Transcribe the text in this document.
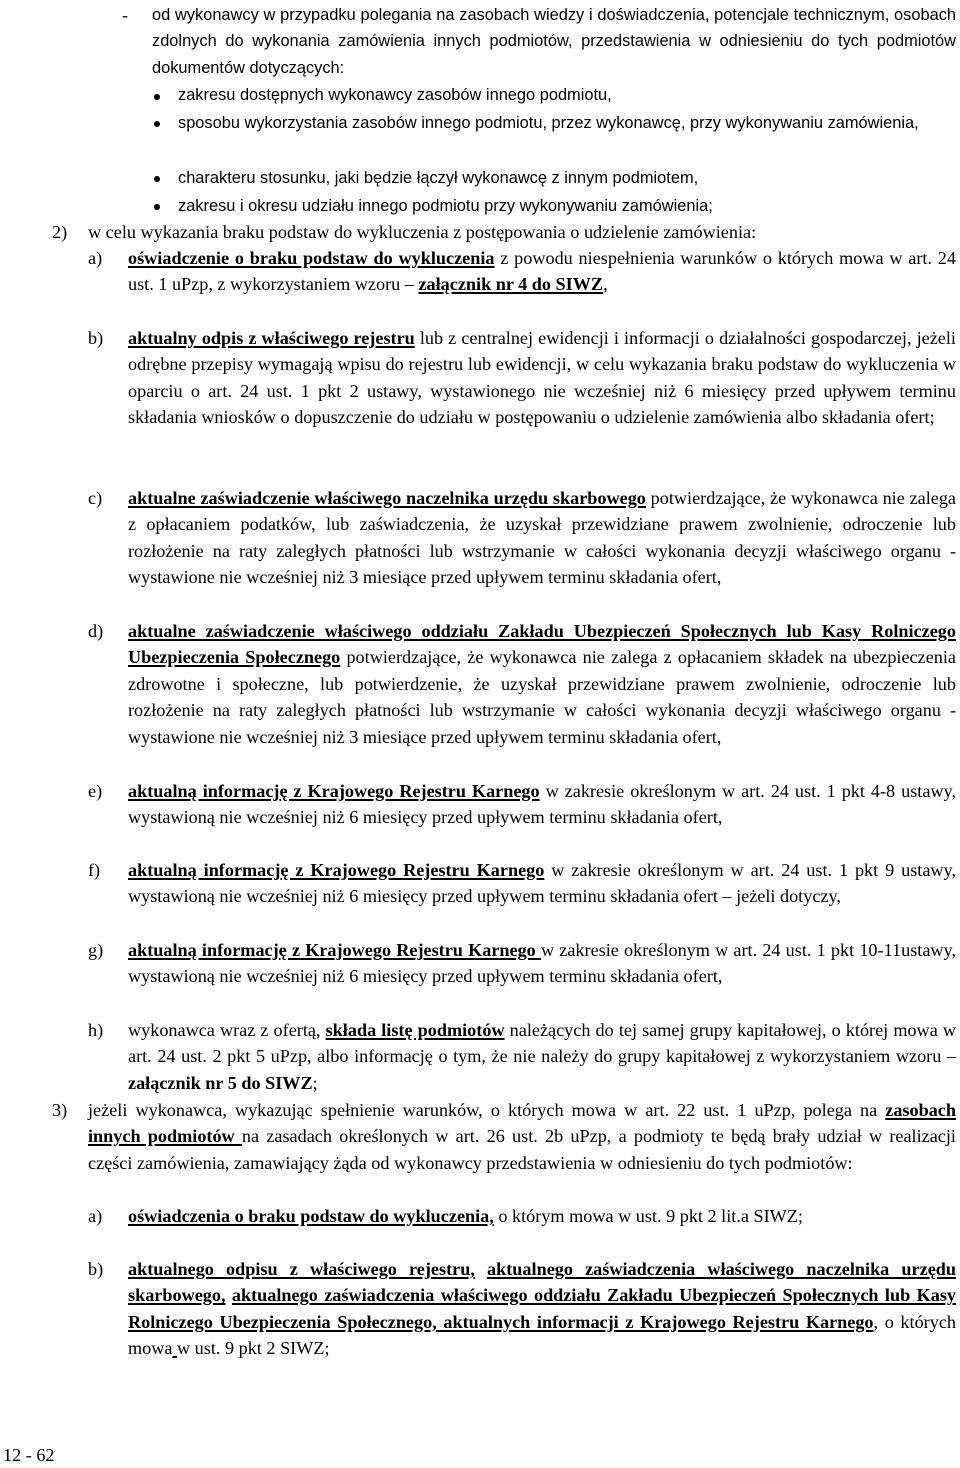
- od wykonawcy w przypadku polegania na zasobach wiedzy i doświadczenia, potencjale technicznym, osobach zdolnych do wykonania zamówienia innych podmiotów, przedstawienia w odniesieniu do tych podmiotów dokumentów dotyczących:
zakresu dostępnych wykonawcy zasobów innego podmiotu,
sposobu wykorzystania zasobów innego podmiotu, przez wykonawcę, przy wykonywaniu zamówienia,
charakteru stosunku, jaki będzie łączył wykonawcę z innym podmiotem,
zakresu i okresu udziału innego podmiotu przy wykonywaniu zamówienia;
2) w celu wykazania braku podstaw do wykluczenia z postępowania o udzielenie zamówienia:
a) oświadczenie o braku podstaw do wykluczenia z powodu niespełnienia warunków o których mowa w art. 24 ust. 1 uPzp, z wykorzystaniem wzoru – załącznik nr 4 do SIWZ,
b) aktualny odpis z właściwego rejestru lub z centralnej ewidencji i informacji o działalności gospodarczej, jeżeli odrębne przepisy wymagają wpisu do rejestru lub ewidencji, w celu wykazania braku podstaw do wykluczenia w oparciu o art. 24 ust. 1 pkt 2 ustawy, wystawionego nie wcześniej niż 6 miesięcy przed upływem terminu składania wniosków o dopuszczenie do udziału w postępowaniu o udzielenie zamówienia albo składania ofert;
c) aktualne zaświadczenie właściwego naczelnika urzędu skarbowego potwierdzające, że wykonawca nie zalega z opłacaniem podatków, lub zaświadczenia, że uzyskał przewidziane prawem zwolnienie, odroczenie lub rozłożenie na raty zaległych płatności lub wstrzymanie w całości wykonania decyzji właściwego organu - wystawione nie wcześniej niż 3 miesiące przed upływem terminu składania ofert,
d) aktualne zaświadczenie właściwego oddziału Zakładu Ubezpieczeń Społecznych lub Kasy Rolniczego Ubezpieczenia Społecznego potwierdzające, że wykonawca nie zalega z opłacaniem składek na ubezpieczenia zdrowotne i społeczne, lub potwierdzenie, że uzyskał przewidziane prawem zwolnienie, odroczenie lub rozłożenie na raty zaległych płatności lub wstrzymanie w całości wykonania decyzji właściwego organu - wystawione nie wcześniej niż 3 miesiące przed upływem terminu składania ofert,
e) aktualną informację z Krajowego Rejestru Karnego w zakresie określonym w art. 24 ust. 1 pkt 4-8 ustawy, wystawioną nie wcześniej niż 6 miesięcy przed upływem terminu składania ofert,
f) aktualną informację z Krajowego Rejestru Karnego w zakresie określonym w art. 24 ust. 1 pkt 9 ustawy, wystawioną nie wcześniej niż 6 miesięcy przed upływem terminu składania ofert – jeżeli dotyczy,
g) aktualną informację z Krajowego Rejestru Karnego w zakresie określonym w art. 24 ust. 1 pkt 10-11ustawy, wystawioną nie wcześniej niż 6 miesięcy przed upływem terminu składania ofert,
h) wykonawca wraz z ofertą, składa listę podmiotów należących do tej samej grupy kapitałowej, o której mowa w art. 24 ust. 2 pkt 5 uPzp, albo informację o tym, że nie należy do grupy kapitałowej z wykorzystaniem wzoru – załącznik nr 5 do SIWZ;
3) jeżeli wykonawca, wykazując spełnienie warunków, o których mowa w art. 22 ust. 1 uPzp, polega na zasobach innych podmiotów na zasadach określonych w art. 26 ust. 2b uPzp, a podmioty te będą brały udział w realizacji części zamówienia, zamawiający żąda od wykonawcy przedstawienia w odniesieniu do tych podmiotów:
a) oświadczenia o braku podstaw do wykluczenia, o którym mowa w ust. 9 pkt 2 lit.a SIWZ;
b) aktualnego odpisu z właściwego rejestru, aktualnego zaświadczenia właściwego naczelnika urzędu skarbowego, aktualnego zaświadczenia właściwego oddziału Zakładu Ubezpieczeń Społecznych lub Kasy Rolniczego Ubezpieczenia Społecznego, aktualnych informacji z Krajowego Rejestru Karnego, o których mowa w ust. 9 pkt 2 SIWZ;
12 - 62
